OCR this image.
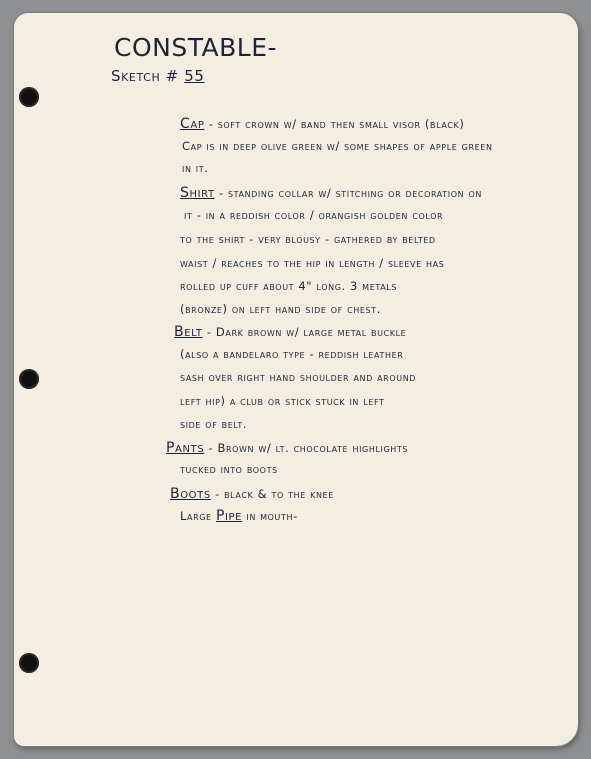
CONSTABLE-

Sketch # 55

Cap - soft crown w/ band then small visor (black)

Cap is in deep olive green w/ some shapes of apple green

in it.

Shirt - standing collar w/ stitching or decoration on

it - in a reddish color / orangish golden color

to the shirt - very blousy - gathered by belted

waist / reaches to the hip in length / sleeve has

rolled up cuff about 4" long. 3 metals

(bronze) on left hand side of chest.

Belt - Dark brown w/ large metal buckle

(also a bandelaro type - reddish leather

sash over right hand shoulder and around

left hip) a club or stick stuck in left

side of belt.

Pants - Brown w/ lt. chocolate highlights

tucked into boots

Boots - black & to the knee

Large Pipe in mouth-
